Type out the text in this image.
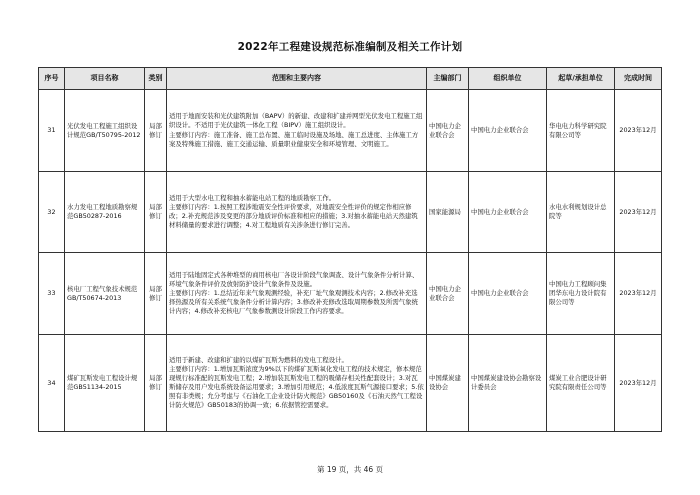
2022年工程建设规范标准编制及相关工作计划
序号	项目名称	类别	范围和主要内容	主编部门	组织单位	起草/承担单位	完成时间
31	光伏发电工程施工组织设计规范GB/T50795-2012	局部修订	适用于地面安装和光伏建筑附加（BAPV）的新建、改建和扩建并网型光伏发电工程施工组织设计。不适用于光伏建筑一体化工程（BIPV）施工组织设计。
主要修订内容：施工准备、施工总布置、施工临时设施及场地、施工总进度、主体施工方案及特殊施工措施、施工交通运输、质量职业健康安全和环境管理、文明施工。	中国电力企业联合会	中国电力企业联合会	华电电力科学研究院有限公司等	2023年12月
32	水力发电工程地质勘察规范GB50287-2016	局部修订	适用于大型水电工程和抽水蓄能电站工程的地质勘察工作。
主要修订内容：1.按照工程涉地震安全性评价要求，对地震安全性评价的规定作相应修改；2.补充规范涉及变更的部分地质评价标准和相应的措施；3.对抽水蓄能电站天然建筑材料储量的要求进行调整；4.对工程地质有关涉条进行修订完善。	国家能源局	中国电力企业联合会	水电水利规划设计总院等	2023年12月
33	核电厂工程气象技术规范GB/T50674-2013	局部修订	适用于陆地固定式各种堆型的商用核电厂各设计阶段气象调查、设计气象条件分析计算、环境气象条件评价及放射防护设计气象条件及设施。
主要修订内容：1.总结近年来气象观测经验，补充厂址气象观测技术内容；2.修改补充选择热源及所有关系统气象条件分析计算内容；3.修改补充修改选取周期参数及所需气象统计内容；4.修改补充核电厂气象参数测设计阶段工作内容要求。	中国电力企业联合会	中国电力企业联合会	中国电力工程顾问集团华东电力设计院有限公司等	2023年12月
34	煤矿瓦斯发电工程设计规范GB51134-2015	局部修订	适用于新建、改建和扩建的以煤矿瓦斯为燃料的发电工程设计。
主要修订内容：1.增加瓦斯浓度为9%以下的煤矿瓦斯氧化发电工程的技术规定，修本规范现规行标准配的瓦斯发电工程；2.增加装瓦斯发电工程的吸储存相关性配套设计；3.对瓦斯储存及用户发电系统设备运用要求；3.增加引用规范；4.低浓度瓦斯气源接口要求；5.依照有非类规；允分考虑与《石油化工企业设计防火规范》GB50160及《石油天然气工程设计防火规范》GB50183的协调一致；6.依据管控需要求。	中国煤炭建设协会	中国煤炭建设协会勘察设计委员会	煤炭工业合肥设计研究院有限责任公司等	2023年12月
第 19 页，共 46 页
